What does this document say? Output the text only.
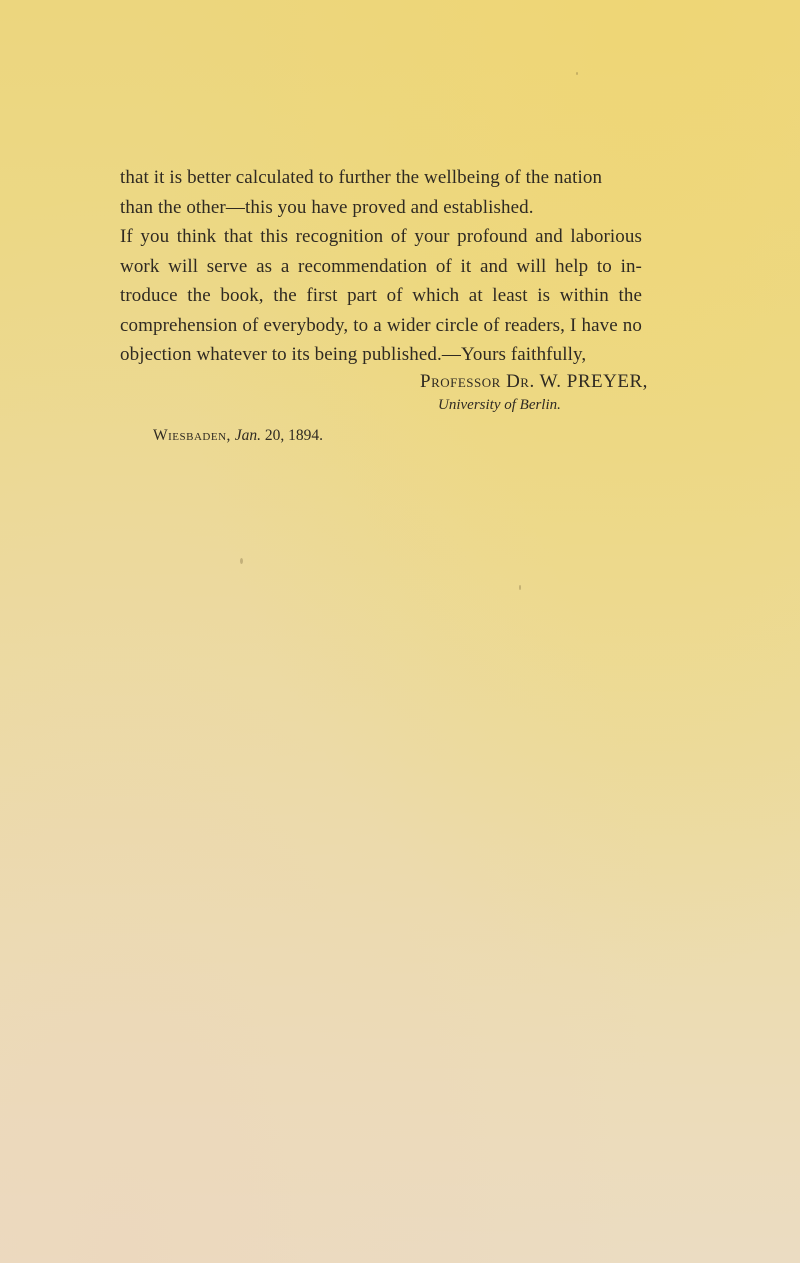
that it is better calculated to further the wellbeing of the nation
than the other—this you have proved and established.

If you think that this recognition of your profound and laborious work will serve as a recommendation of it and will help to in-troduce the book, the first part of which at least is within the comprehension of everybody, to a wider circle of readers, I have no objection whatever to its being published.—Yours faithfully,

Professor Dr. W. PREYER,
University of Berlin.
Wiesbaden, Jan. 20, 1894.
